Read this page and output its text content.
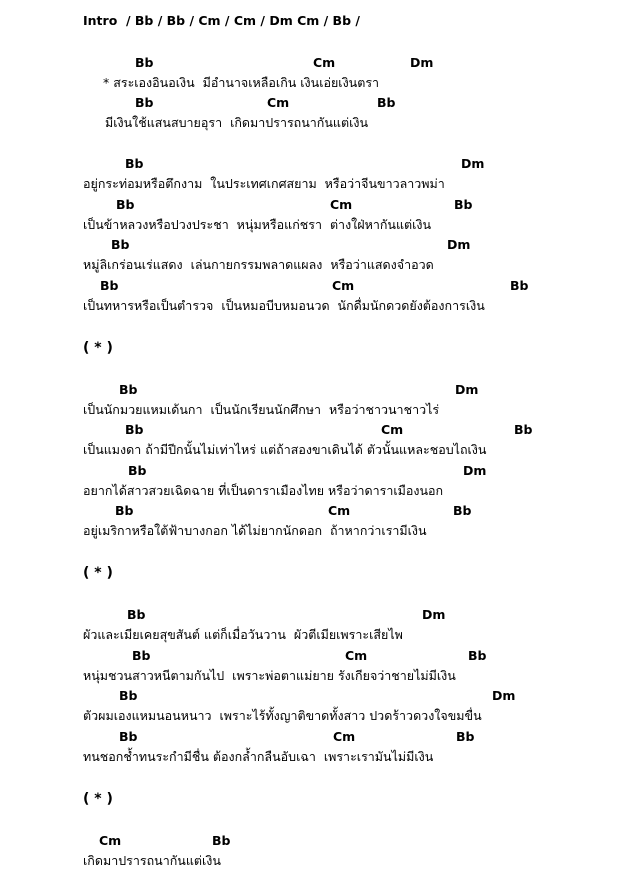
Intro  / Bb / Bb / Cm / Cm / Dm Cm / Bb /
Bb	Cm	Dm
* สระเองอินอเงิน  มีอำนาจเหลือเกิน เงินเอ่ยเงินตรา
Bb	Cm	Bb
มีเงินใช้แสนสบายอุรา  เกิดมาปรารถนากันแต่เงิน
Bb	Dm
อยู่กระท่อมหรือตึกงาม  ในประเทศเกศสยาม  หรือว่าจีนขาวลาวพม่า
Bb	Cm	Bb
เป็นข้าหลวงหรือปวงประชา  หนุ่มหรือแก่ชรา  ต่างใฝ่หากันแต่เงิน
Bb	Dm
หมู่ลิเกร่อนเร่แสดง  เล่นกายกรรมพลาดแผลง  หรือว่าแสดงจำอวด
Bb	Cm	Bb
เป็นทหารหรือเป็นตำรวจ  เป็นหมอบีบหมอนวด  นักดื่มนักดวดยังต้องการเงิน
( * )
Bb	Dm
เป็นนักมวยแหมเด้นกา  เป็นนักเรียนนักศึกษา  หรือว่าชาวนาชาวไร่
Bb	Cm	Bb
เป็นแมงดา ถ้ามีปีกนั้นไม่เท่าไหร่ แต่ถ้าสองขาเดินได้ ตัวนั้นแหละชอบไถเงิน
Bb	Dm
อยากได้สาวสวยเฉิดฉาย ที่เป็นดาราเมืองไทย หรือว่าดาราเมืองนอก
Bb	Cm	Bb
อยู่เมริกาหรือใต้ฟ้าบางกอก ได้ไม่ยากนักดอก  ถ้าหากว่าเรามีเงิน
( * )
Bb	Dm
ผัวและเมียเคยสุขสันต์ แต่ก็เมื่อวันวาน  ผัวตีเมียเพราะเสียไพ
Bb	Cm	Bb
หนุ่มชวนสาวหนีตามกันไป  เพราะพ่อตาแม่ยาย รังเกียจว่าชายไม่มีเงิน
Bb	Dm
ตัวผมเองแหมนอนหนาว  เพราะไร้ทั้งญาติขาดทั้งสาว ปวดร้าวดวงใจขมขื่น
Bb	Cm	Bb
ทนชอกช้ำทนระกำมีชื่น ต้องกล้ำกลืนอับเฉา  เพราะเรามันไม่มีเงิน
( * )
Cm	Bb
เกิดมาปรารถนากันแต่เงิน
